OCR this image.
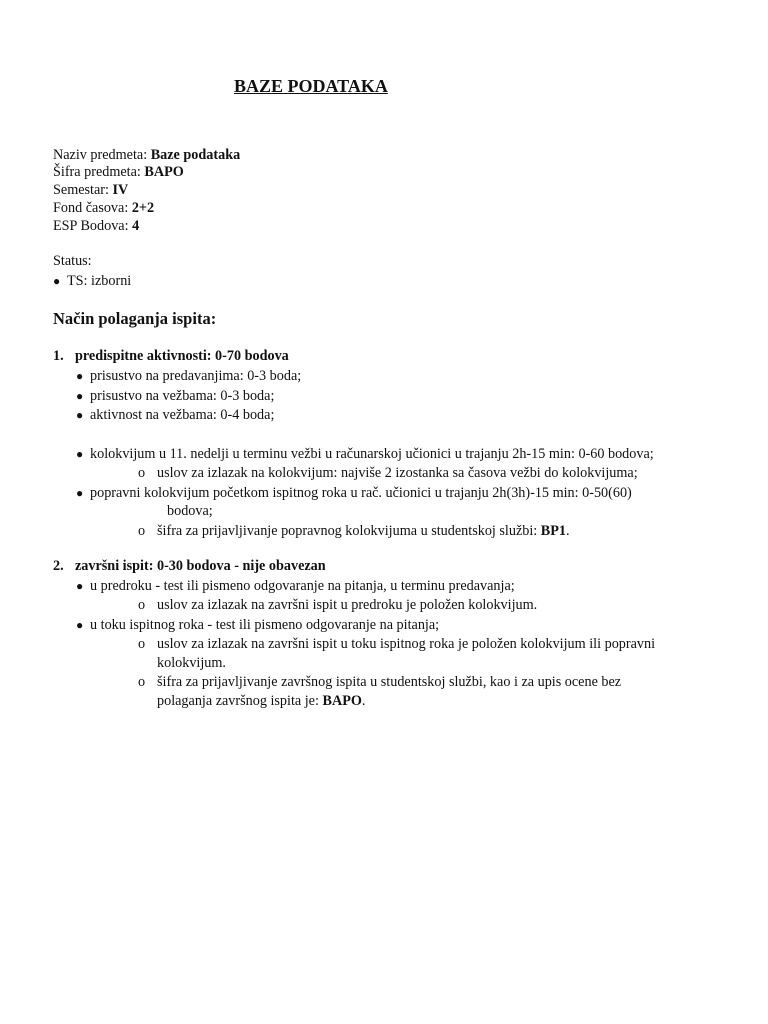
BAZE PODATAKA
Naziv predmeta: Baze podataka
Šifra predmeta: BAPO
Semestar: IV
Fond časova: 2+2
ESP Bodova: 4
Status:
● TS: izborni
Način polaganja ispita:
1. predispitne aktivnosti: 0-70 bodova
● prisustvo na predavanjima: 0-3 boda;
● prisustvo na vežbama: 0-3 boda;
● aktivnost na vežbama: 0-4 boda;
● kolokvijum u 11. nedelji u terminu vežbi u računarskoj učionici u trajanju 2h-15 min: 0-60 bodova;
o uslov za izlazak na kolokvijum: najviše 2 izostanka sa časova vežbi do kolokvijuma;
● popravni kolokvijum početkom ispitnog roka u rač. učionici u trajanju 2h(3h)-15 min: 0-50(60)
bodova;
o šifra za prijavljivanje popravnog kolokvijuma u studentskoj službi: BP1.
2. završni ispit: 0-30 bodova - nije obavezan
● u predroku - test ili pismeno odgovaranje na pitanja, u terminu predavanja;
o uslov za izlazak na završni ispit u predroku je položen kolokvijum.
● u toku ispitnog roka - test ili pismeno odgovaranje na pitanja;
o uslov za izlazak na završni ispit u toku ispitnog roka je položen kolokvijum ili popravni
kolokvijum.
o šifra za prijavljivanje završnog ispita u studentskoj službi, kao i za upis ocene bez
polaganja završnog ispita je: BAPO.
